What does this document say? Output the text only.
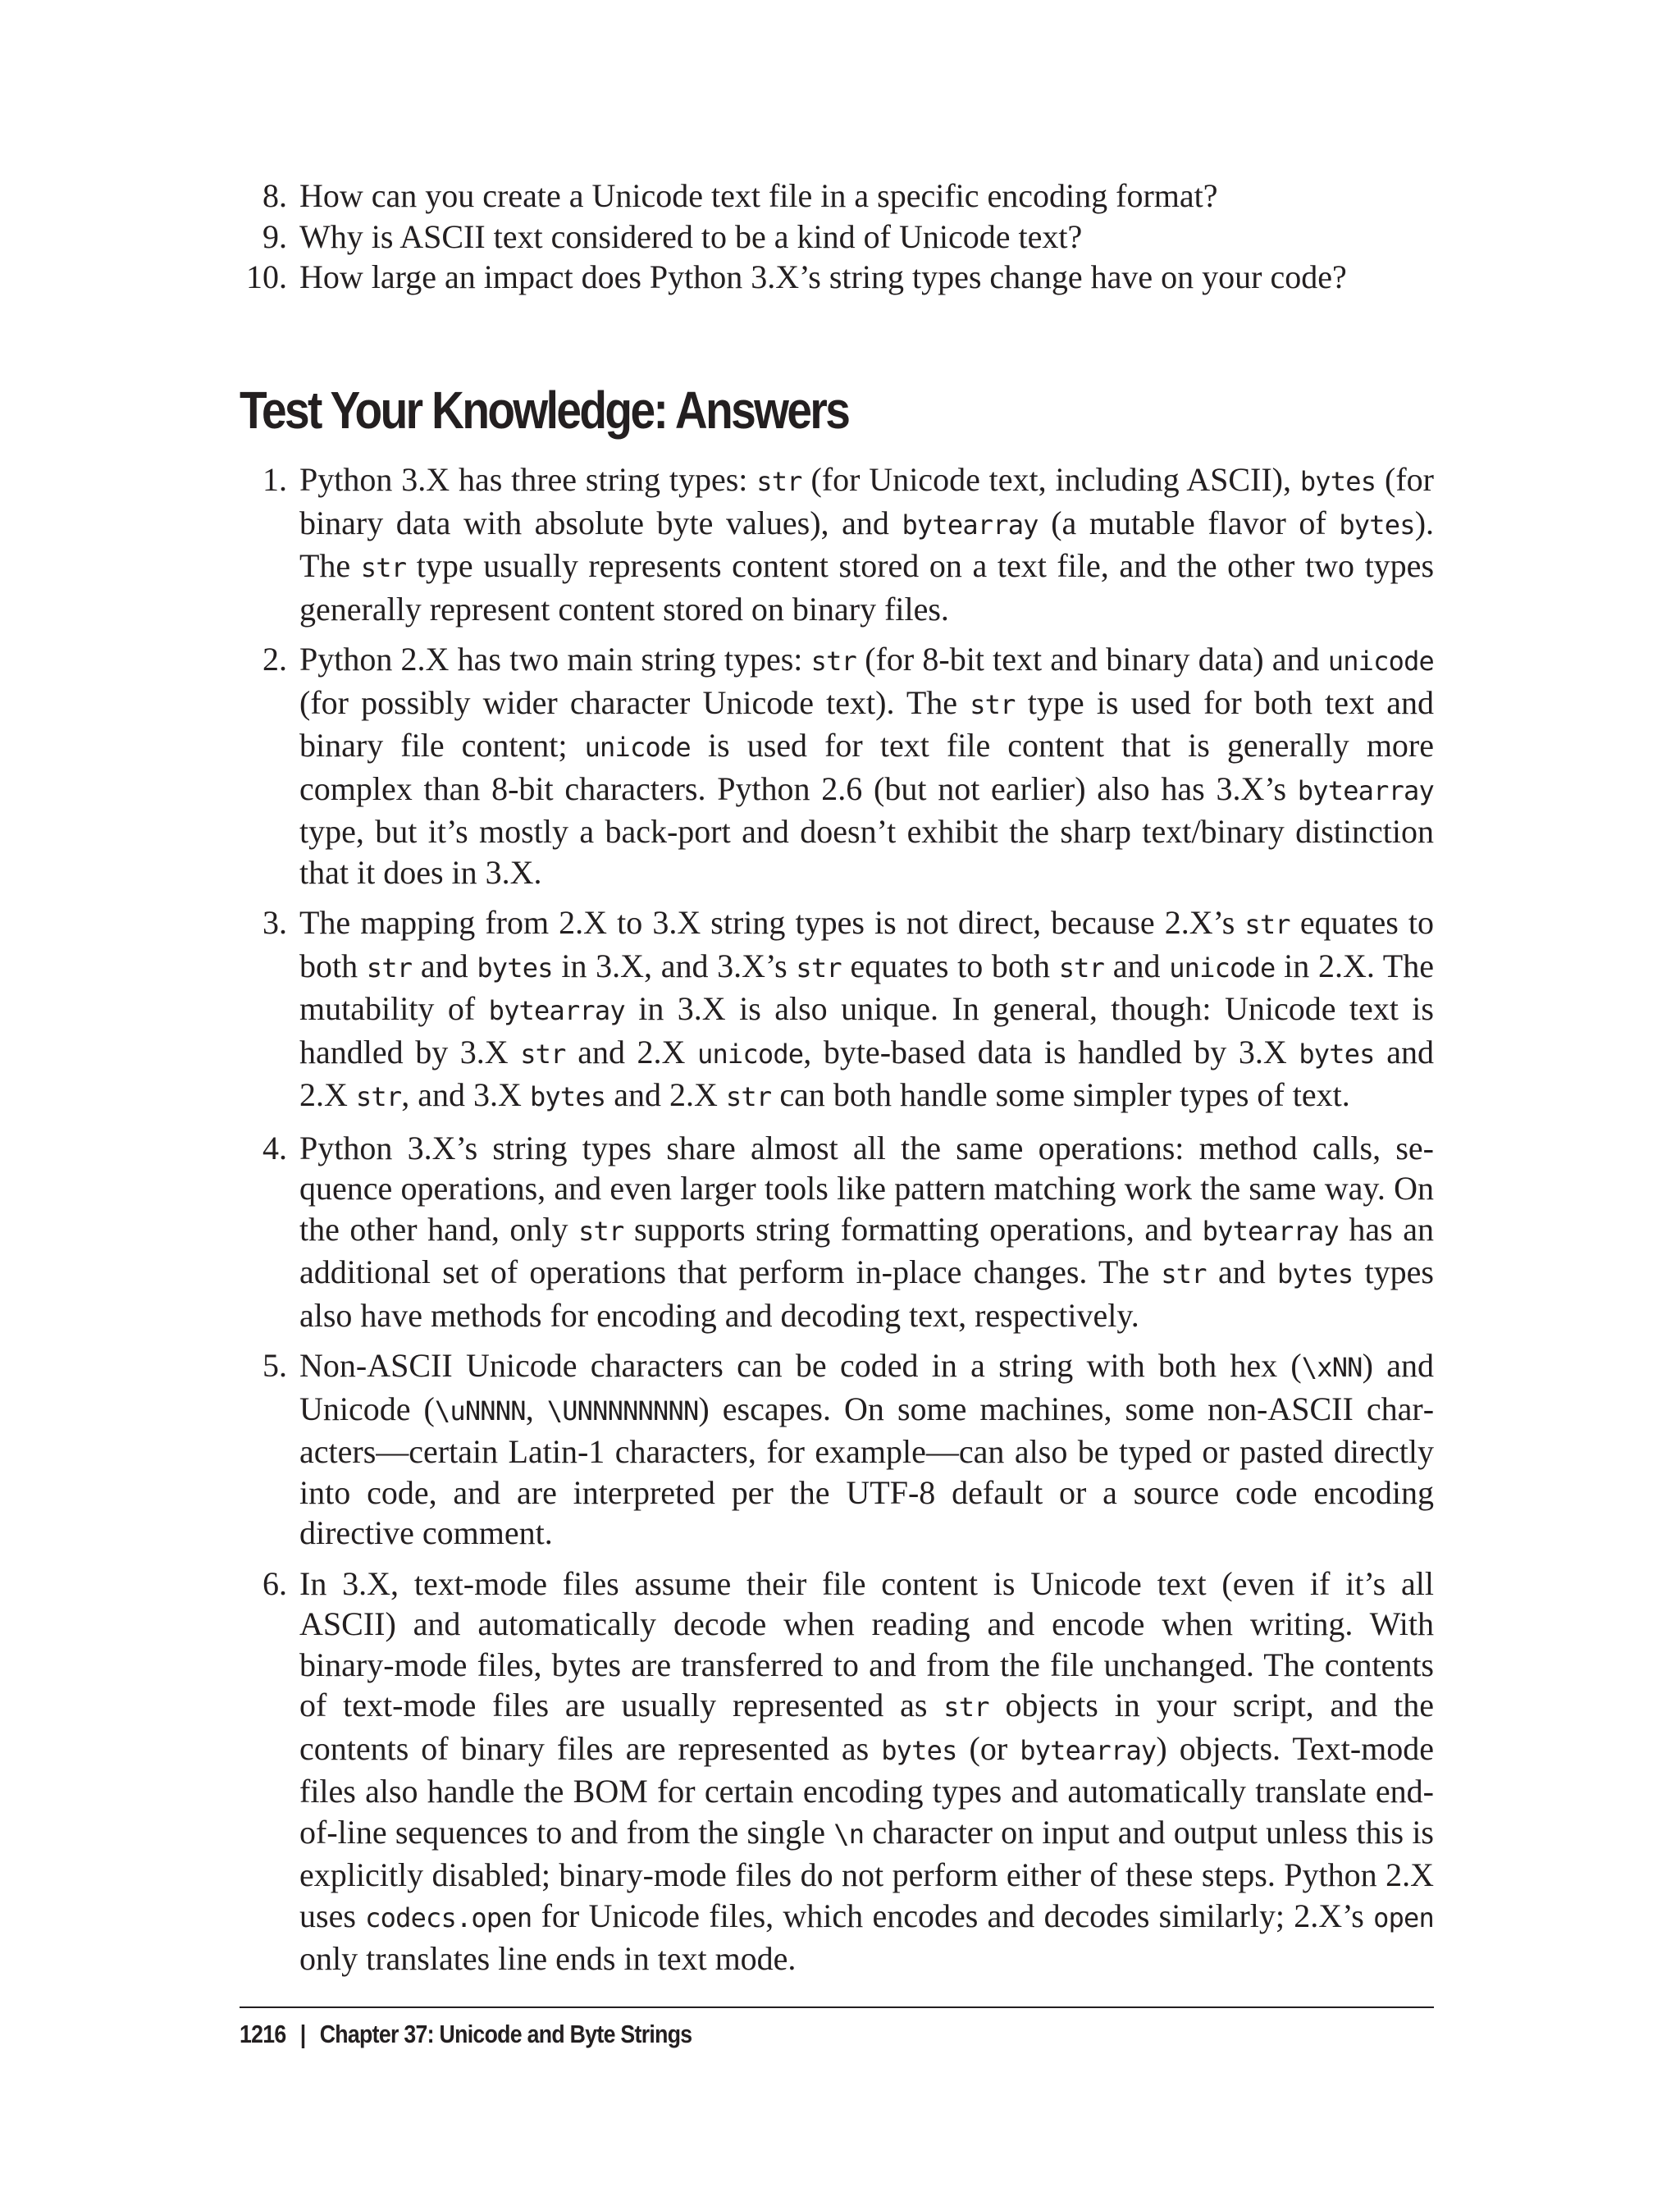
8. How can you create a Unicode text file in a specific encoding format?
9. Why is ASCII text considered to be a kind of Unicode text?
10. How large an impact does Python 3.X’s string types change have on your code?
Test Your Knowledge: Answers
1. Python 3.X has three string types: str (for Unicode text, including ASCII), bytes (for binary data with absolute byte values), and bytearray (a mutable flavor of bytes). The str type usually represents content stored on a text file, and the other two types generally represent content stored on binary files.
2. Python 2.X has two main string types: str (for 8-bit text and binary data) and unicode (for possibly wider character Unicode text). The str type is used for both text and binary file content; unicode is used for text file content that is generally more complex than 8-bit characters. Python 2.6 (but not earlier) also has 3.X’s bytearray type, but it’s mostly a back-port and doesn’t exhibit the sharp text/binary distinction that it does in 3.X.
3. The mapping from 2.X to 3.X string types is not direct, because 2.X’s str equates to both str and bytes in 3.X, and 3.X’s str equates to both str and unicode in 2.X. The mutability of bytearray in 3.X is also unique. In general, though: Unicode text is handled by 3.X str and 2.X unicode, byte-based data is handled by 3.X bytes and 2.X str, and 3.X bytes and 2.X str can both handle some simpler types of text.
4. Python 3.X’s string types share almost all the same operations: method calls, sequence operations, and even larger tools like pattern matching work the same way. On the other hand, only str supports string formatting operations, and bytearray has an additional set of operations that perform in-place changes. The str and bytes types also have methods for encoding and decoding text, respectively.
5. Non-ASCII Unicode characters can be coded in a string with both hex (\xNN) and Unicode (\uNNNN, \UNNNNNNNN) escapes. On some machines, some non-ASCII characters—certain Latin-1 characters, for example—can also be typed or pasted directly into code, and are interpreted per the UTF-8 default or a source code encoding directive comment.
6. In 3.X, text-mode files assume their file content is Unicode text (even if it’s all ASCII) and automatically decode when reading and encode when writing. With binary-mode files, bytes are transferred to and from the file unchanged. The contents of text-mode files are usually represented as str objects in your script, and the contents of binary files are represented as bytes (or bytearray) objects. Text-mode files also handle the BOM for certain encoding types and automatically translate end-of-line sequences to and from the single \n character on input and output unless this is explicitly disabled; binary-mode files do not perform either of these steps. Python 2.X uses codecs.open for Unicode files, which encodes and decodes similarly; 2.X’s open only translates line ends in text mode.
1216 | Chapter 37: Unicode and Byte Strings
